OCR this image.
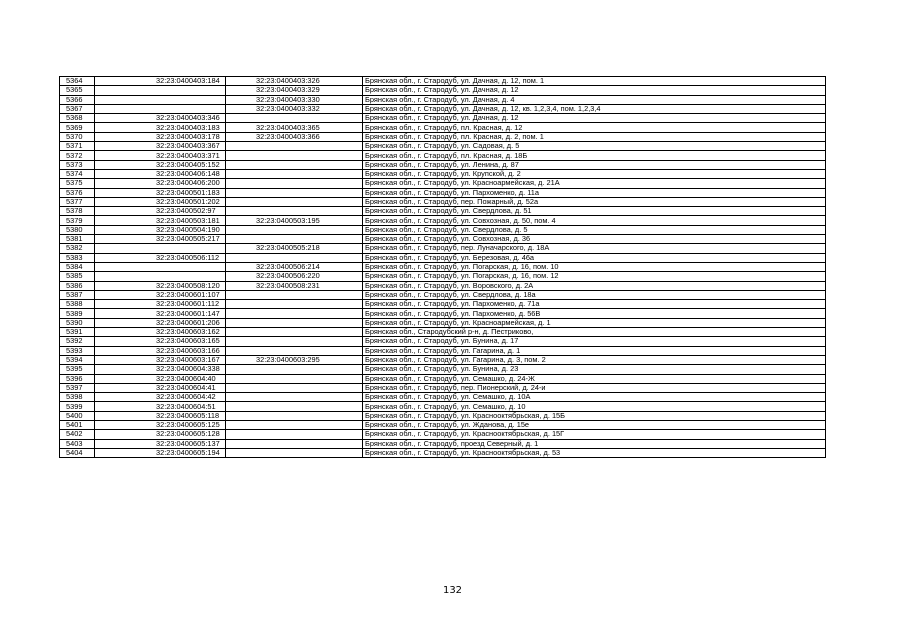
5364	32:23:0400403:184	32:23:0400403:326	Брянская обл., г. Стародуб, ул. Дачная, д. 12, пом. 1
5365		32:23:0400403:329	Брянская обл., г. Стародуб, ул. Дачная, д. 12
5366		32:23:0400403:330	Брянская обл., г. Стародуб, ул. Дачная, д. 4
5367		32:23:0400403:332	Брянская обл., г. Стародуб, ул. Дачная, д. 12, кв. 1,2,3,4, пом. 1,2,3,4
5368	32:23:0400403:346		Брянская обл., г. Стародуб, ул. Дачная, д. 12
5369	32:23:0400403:183	32:23:0400403:365	Брянская обл., г. Стародуб, пл. Красная, д. 12
5370	32:23:0400403:178	32:23:0400403:366	Брянская обл., г. Стародуб, пл. Красная, д. 2, пом. 1
5371	32:23:0400403:367		Брянская обл., г. Стародуб, ул. Садовая, д. 5
5372	32:23:0400403:371		Брянская обл., г. Стародуб, пл. Красная, д. 18Б
5373	32:23:0400405:152		Брянская обл., г. Стародуб, ул. Ленина, д. 87
5374	32:23:0400406:148		Брянская обл., г. Стародуб, ул. Крупской, д. 2
5375	32:23:0400406:200		Брянская обл., г. Стародуб, ул. Красноармейская, д. 21А
5376	32:23:0400501:183		Брянская обл., г. Стародуб, ул. Пархоменко, д. 11а
5377	32:23:0400501:202		Брянская обл., г. Стародуб, пер. Пожарный, д. 52а
5378	32:23:0400502:97		Брянская обл., г. Стародуб, ул. Свердлова, д. 51
5379	32:23:0400503:181	32:23:0400503:195	Брянская обл., г. Стародуб, ул. Совхозная, д. 50, пом. 4
5380	32:23:0400504:190		Брянская обл., г. Стародуб, ул. Свердлова, д. 5
5381	32:23:0400505:217		Брянская обл., г. Стародуб, ул. Совхозная, д. 36
5382		32:23:0400505:218	Брянская обл., г. Стародуб, пер. Луначарского, д. 18А
5383	32:23:0400506:112		Брянская обл., г. Стародуб, ул. Березовая, д. 46а
5384		32:23:0400506:214	Брянская обл., г. Стародуб, ул. Погарская, д. 16, пом. 10
5385		32:23:0400506:220	Брянская обл., г. Стародуб, ул. Погарская, д. 16, пом. 12
5386	32:23:0400508:120	32:23:0400508:231	Брянская обл., г. Стародуб, ул. Воровского, д. 2А
5387	32:23:0400601:107		Брянская обл., г. Стародуб, ул. Свердлова, д. 18а
5388	32:23:0400601:112		Брянская обл., г. Стародуб, ул. Пархоменко, д. 71а
5389	32:23:0400601:147		Брянская обл., г. Стародуб, ул. Пархоменко, д. 56В
5390	32:23:0400601:206		Брянская обл., г. Стародуб, ул. Красноармейская, д. 1
5391	32:23:0400603:162		Брянская обл., Стародубский р-н, д. Пестриково,
5392	32:23:0400603:165		Брянская обл., г. Стародуб, ул. Бунина, д. 17
5393	32:23:0400603:166		Брянская обл., г. Стародуб, ул. Гагарина, д. 1
5394	32:23:0400603:167	32:23:0400603:295	Брянская обл., г. Стародуб, ул. Гагарина, д. 3, пом. 2
5395	32:23:0400604:338		Брянская обл., г. Стародуб, ул. Бунина, д. 23
5396	32:23:0400604:40		Брянская обл., г. Стародуб, ул. Семашко, д. 24-Ж
5397	32:23:0400604:41		Брянская обл., г. Стародуб, пер. Пионерский, д. 24-и
5398	32:23:0400604:42		Брянская обл., г. Стародуб, ул. Семашко, д. 10А
5399	32:23:0400604:51		Брянская обл., г. Стародуб, ул. Семашко, д. 10
5400	32:23:0400605:118		Брянская обл., г. Стародуб, ул. Краснооктябрьская, д. 15Б
5401	32:23:0400605:125		Брянская обл., г. Стародуб, ул. Жданова, д. 15е
5402	32:23:0400605:128		Брянская обл., г. Стародуб, ул. Краснооктябрьская, д. 15Г
5403	32:23:0400605:137		Брянская обл., г. Стародуб, проезд Северный, д. 1
5404	32:23:0400605:194		Брянская обл., г. Стародуб, ул. Краснооктябрьская, д. 53
132
